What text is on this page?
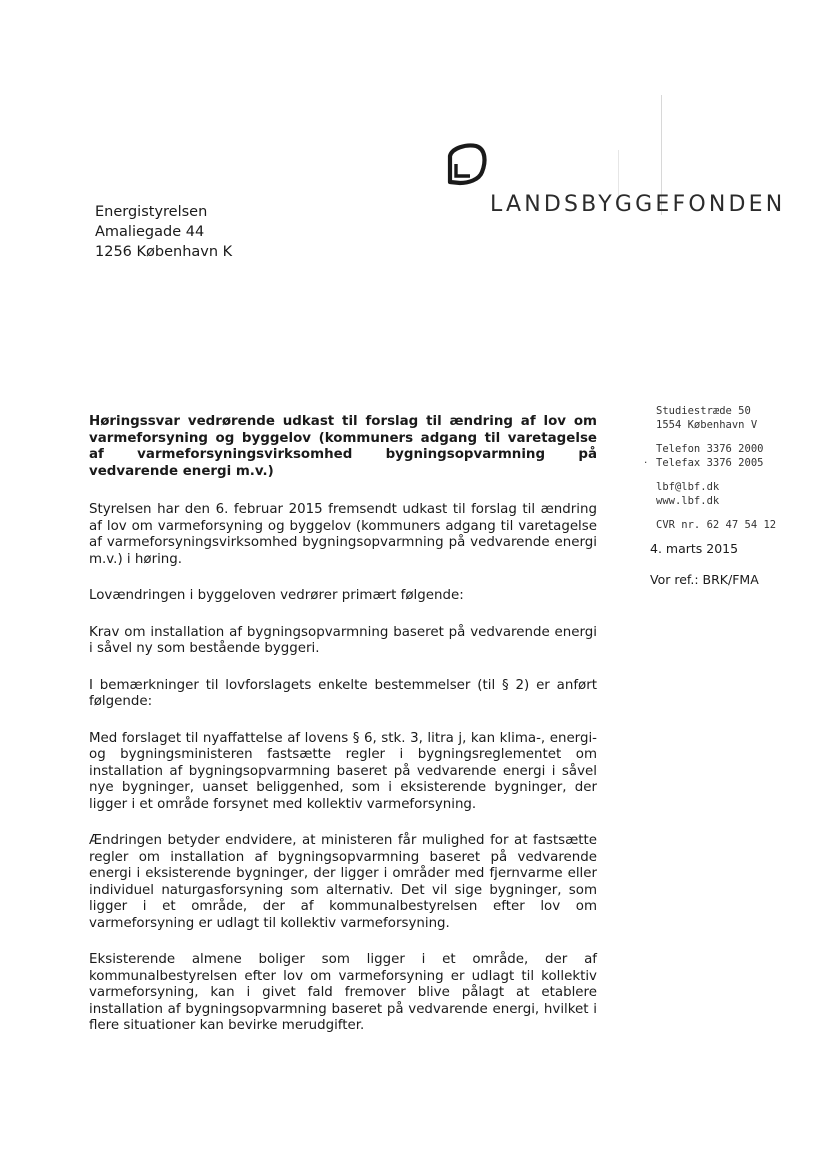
LANDSBYGGEFONDEN
Energistyrelsen
Amaliegade 44
1256 København K
Studiestræde 50
1554 København V
Telefon 3376 2000
· Telefax 3376 2005
lbf@lbf.dk
www.lbf.dk
CVR nr. 62 47 54 12
4. marts 2015
Vor ref.: BRK/FMA

Høringssvar vedrørende udkast til forslag til ændring af lov om varmeforsyning og byggelov (kommuners adgang til varetagelse af varmeforsyningsvirksomhed bygningsopvarmning på vedvarende energi m.v.)

Styrelsen har den 6. februar 2015 fremsendt udkast til forslag til ændring af lov om varmeforsyning og byggelov (kommuners adgang til varetagelse af varmeforsyningsvirksomhed bygningsopvarmning på vedvarende energi m.v.) i høring.

Lovændringen i byggeloven vedrører primært følgende:

Krav om installation af bygningsopvarmning baseret på vedvarende energi i såvel ny som bestående byggeri.

I bemærkninger til lovforslagets enkelte bestemmelser (til § 2) er anført følgende:

Med forslaget til nyaffattelse af lovens § 6, stk. 3, litra j, kan klima-, energi- og bygningsministeren fastsætte regler i bygningsreglementet om installation af bygningsopvarmning baseret på vedvarende energi i såvel nye bygninger, uanset beliggenhed, som i eksisterende bygninger, der ligger i et område forsynet med kollektiv varmeforsyning.

Ændringen betyder endvidere, at ministeren får mulighed for at fastsætte regler om installation af bygningsopvarmning baseret på vedvarende energi i eksisterende bygninger, der ligger i områder med fjernvarme eller individuel naturgasforsyning som alternativ. Det vil sige bygninger, som ligger i et område, der af kommunalbestyrelsen efter lov om varmeforsyning er udlagt til kollektiv varmeforsyning.

Eksisterende almene boliger som ligger i et område, der af kommunalbestyrelsen efter lov om varmeforsyning er udlagt til kollektiv varmeforsyning, kan i givet fald fremover blive pålagt at etablere installation af bygningsopvarmning baseret på vedvarende energi, hvilket i flere situationer kan bevirke merudgifter.
